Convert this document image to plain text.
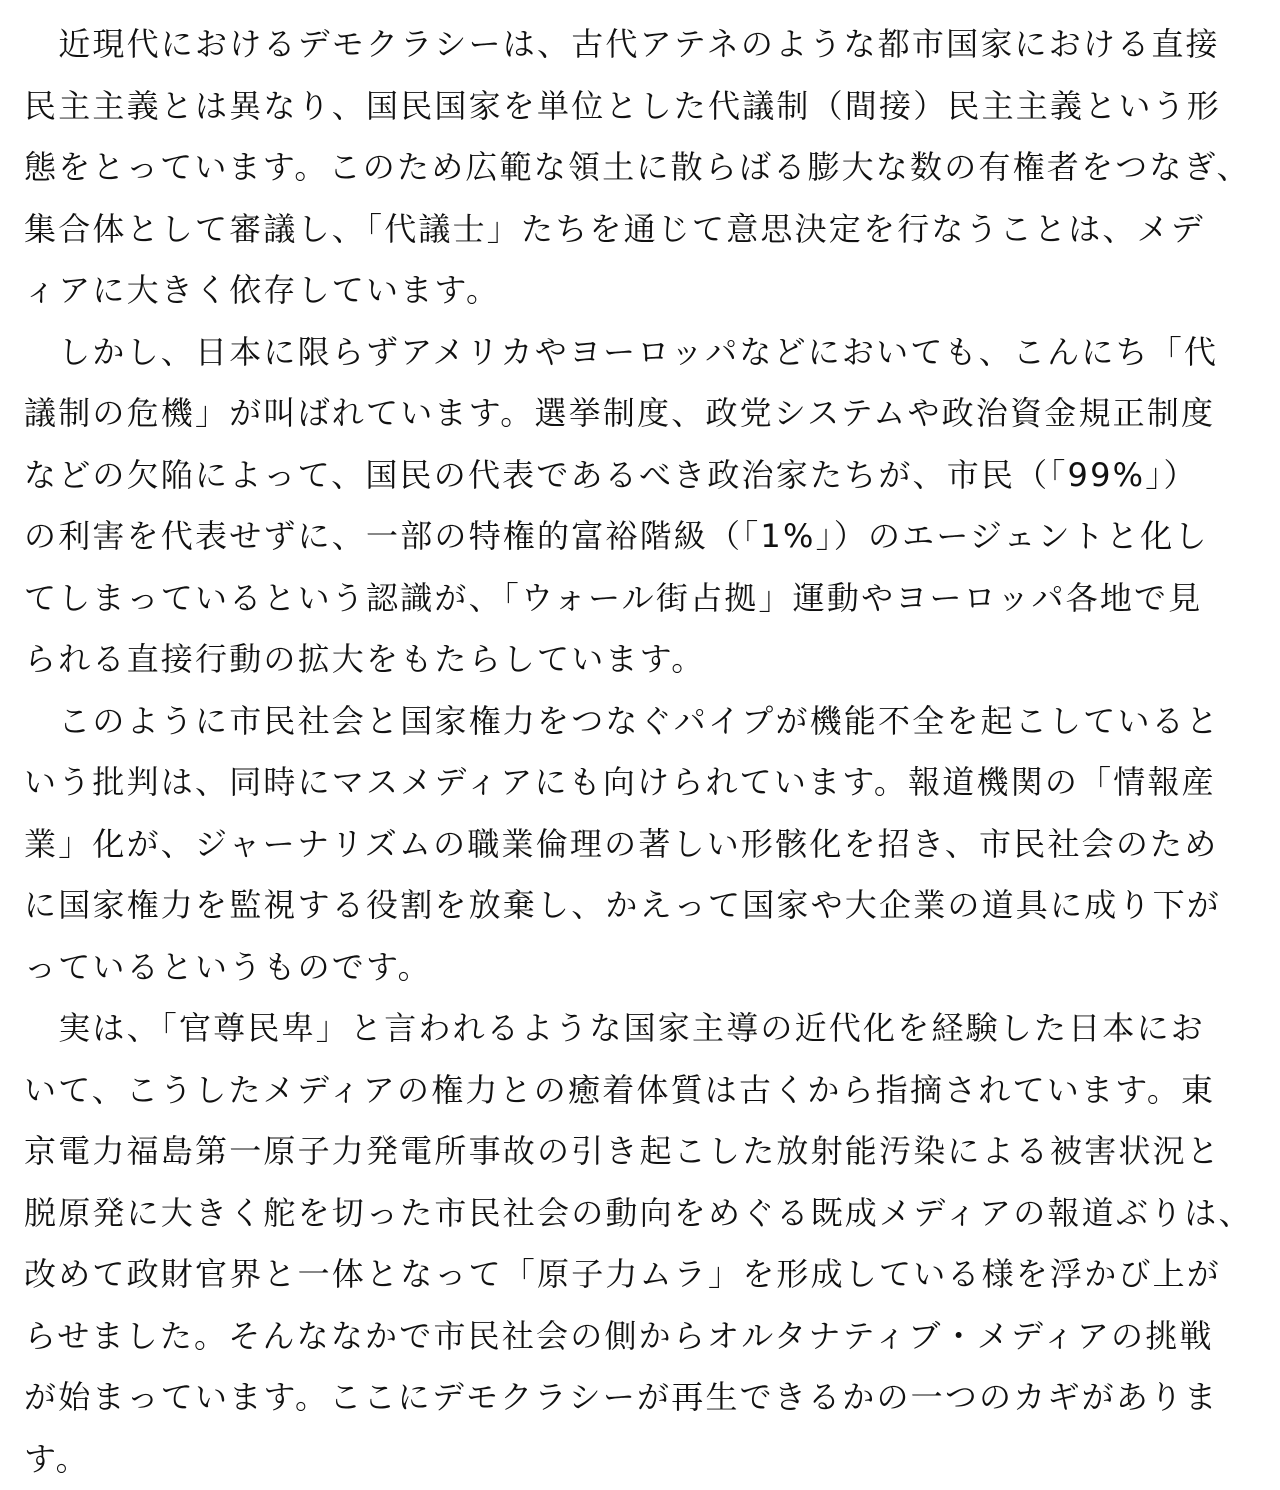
　近現代におけるデモクラシーは、古代アテネのような都市国家における直接
民主主義とは異なり、国民国家を単位とした代議制（間接）民主主義という形
態をとっています。このため広範な領土に散らばる膨大な数の有権者をつなぎ、
集合体として審議し、「代議士」たちを通じて意思決定を行なうことは、メデ
ィアに大きく依存しています。
　しかし、日本に限らずアメリカやヨーロッパなどにおいても、こんにち「代
議制の危機」が叫ばれています。選挙制度、政党システムや政治資金規正制度
などの欠陥によって、国民の代表であるべき政治家たちが、市民（「99%」）
の利害を代表せずに、一部の特権的富裕階級（「1%」）のエージェントと化し
てしまっているという認識が、「ウォール街占拠」運動やヨーロッパ各地で見
られる直接行動の拡大をもたらしています。
　このように市民社会と国家権力をつなぐパイプが機能不全を起こしていると
いう批判は、同時にマスメディアにも向けられています。報道機関の「情報産
業」化が、ジャーナリズムの職業倫理の著しい形骸化を招き、市民社会のため
に国家権力を監視する役割を放棄し、かえって国家や大企業の道具に成り下が
っているというものです。
　実は、「官尊民卑」と言われるような国家主導の近代化を経験した日本にお
いて、こうしたメディアの権力との癒着体質は古くから指摘されています。東
京電力福島第一原子力発電所事故の引き起こした放射能汚染による被害状況と
脱原発に大きく舵を切った市民社会の動向をめぐる既成メディアの報道ぶりは、
改めて政財官界と一体となって「原子力ムラ」を形成している様を浮かび上が
らせました。そんななかで市民社会の側からオルタナティブ・メディアの挑戦
が始まっています。ここにデモクラシーが再生できるかの一つのカギがありま
す。
